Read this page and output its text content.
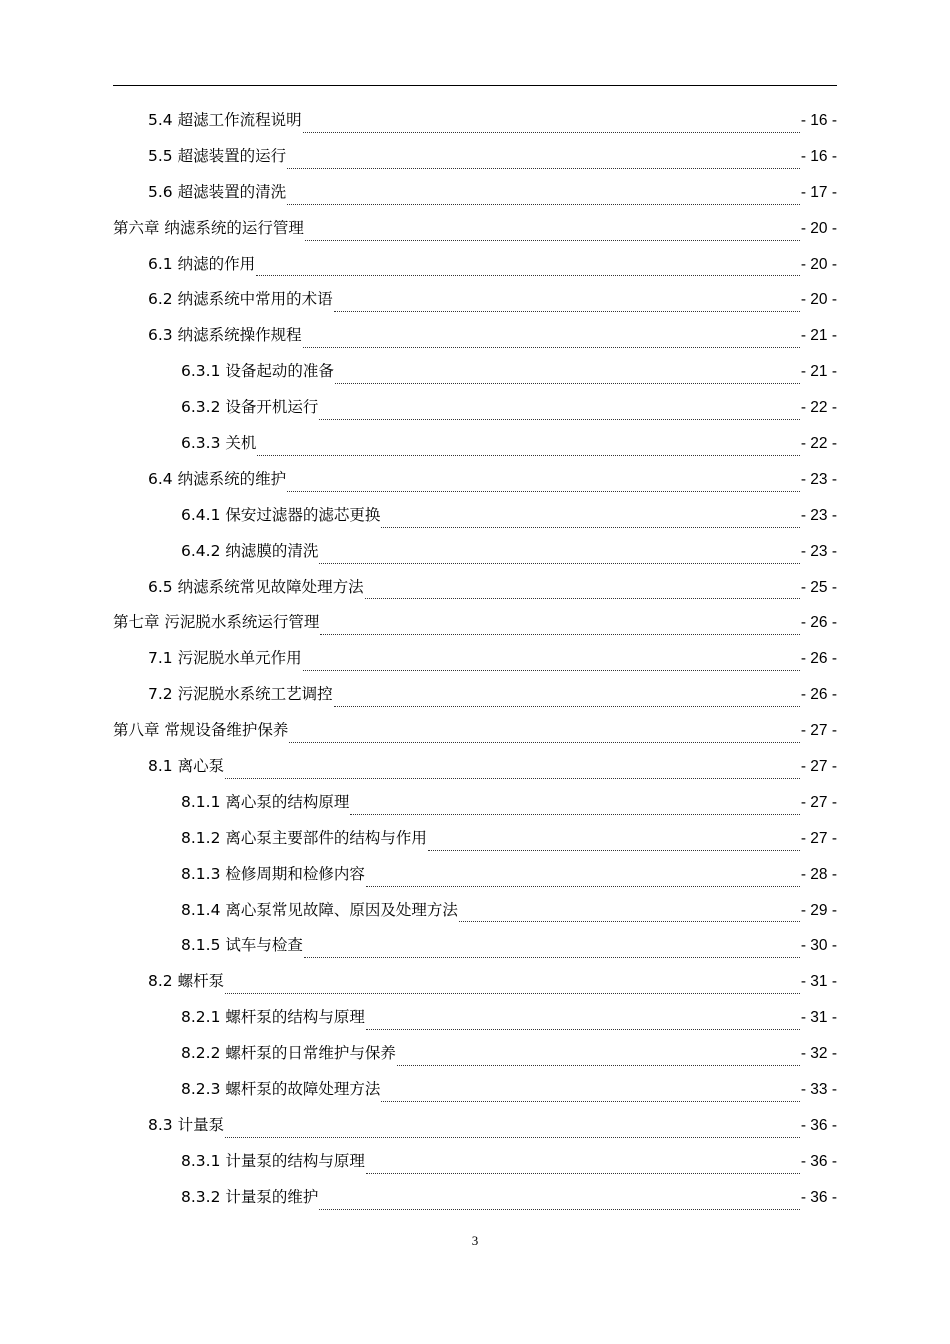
5.4 超滤工作流程说明	- 16 -
5.5 超滤装置的运行	- 16 -
5.6 超滤装置的清洗	- 17 -
第六章 纳滤系统的运行管理	- 20 -
6.1 纳滤的作用	- 20 -
6.2 纳滤系统中常用的术语	- 20 -
6.3 纳滤系统操作规程	- 21 -
6.3.1 设备起动的准备	- 21 -
6.3.2 设备开机运行	- 22 -
6.3.3 关机	- 22 -
6.4 纳滤系统的维护	- 23 -
6.4.1 保安过滤器的滤芯更换	- 23 -
6.4.2 纳滤膜的清洗	- 23 -
6.5 纳滤系统常见故障处理方法	- 25 -
第七章 污泥脱水系统运行管理	- 26 -
7.1 污泥脱水单元作用	- 26 -
7.2 污泥脱水系统工艺调控	- 26 -
第八章 常规设备维护保养	- 27 -
8.1 离心泵	- 27 -
8.1.1 离心泵的结构原理	- 27 -
8.1.2 离心泵主要部件的结构与作用	- 27 -
8.1.3 检修周期和检修内容	- 28 -
8.1.4 离心泵常见故障、原因及处理方法	- 29 -
8.1.5 试车与检查	- 30 -
8.2 螺杆泵	- 31 -
8.2.1 螺杆泵的结构与原理	- 31 -
8.2.2 螺杆泵的日常维护与保养	- 32 -
8.2.3 螺杆泵的故障处理方法	- 33 -
8.3 计量泵	- 36 -
8.3.1 计量泵的结构与原理	- 36 -
8.3.2 计量泵的维护	- 36 -
3
